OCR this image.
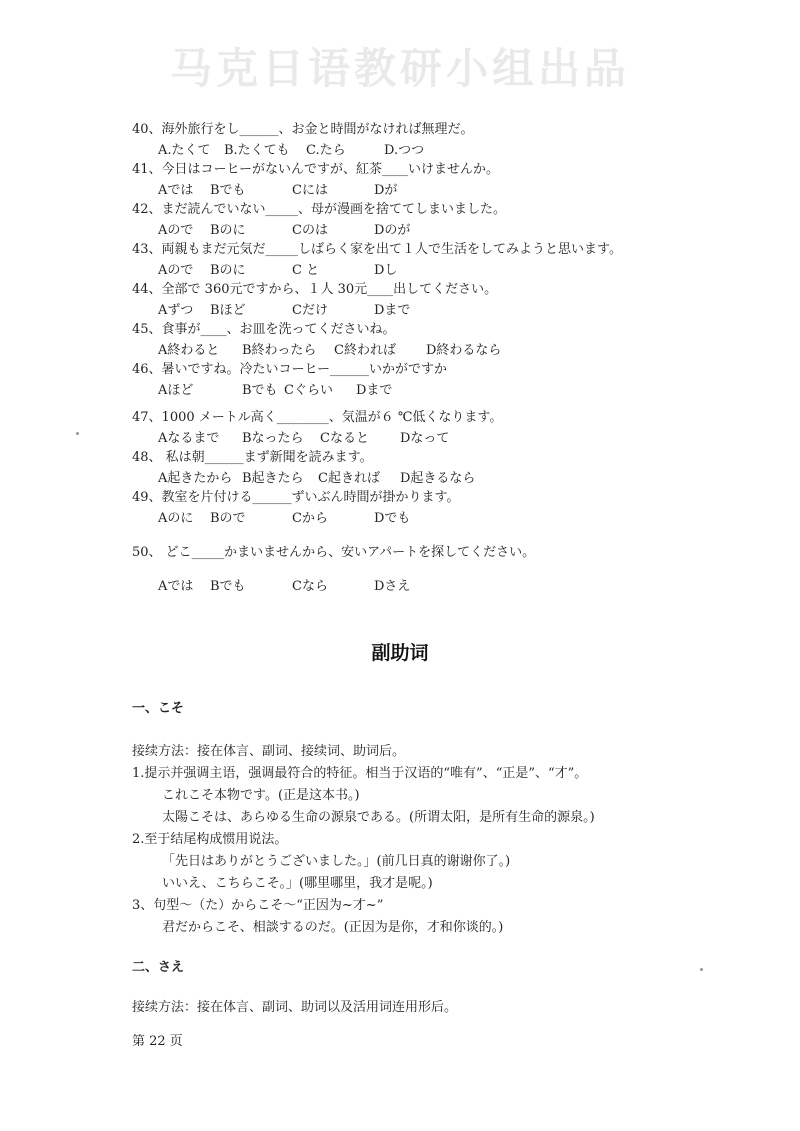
马克日语教研小组出品
40、海外旅行をし______、お金と時間がなければ無理だ。
A.たくて B.たくても C.たら	D.つつ
41、今日はコーヒーがないんですが、紅茶____いけませんか。
Aでは Bでも	Cには	Dが
42、まだ読んでいない_____、母が漫画を捨ててしまいました。
Aので Bのに	Cのは	Dのが
43、両親もまだ元気だ_____しばらく家を出て１人で生活をしてみようと思います。
Aので Bのに	C と	Dし
44、全部で 360元ですから、１人 30元____出してください。
Aずつ Bほど	Cだけ	Dまで
45、食事が____、お皿を洗ってくださいね。
A終わると B終わったら C終われば D終わるなら
46、暑いですね。冷たいコーヒー______いかがですか
Aほど	Bでも Cぐらい Dまで
47、1000 メートル高く________、気温が６ ℃低くなります。
Aなるまで Bなったら Cなると Dなって
48、 私は朝______まず新聞を読みます。
A起きたから B起きたら C起きれば D起きるなら
49、教室を片付ける______ずいぶん時間が掛かります。
Aのに Bので	Cから	Dでも
50、 どこ_____かまいませんから、安いアパートを探してください。
Aでは Bでも	Cなら	Dさえ
副助词
一、こそ
接续方法：接在体言、副词、接续词、助词后。
1.提示并强调主语，强调最符合的特征。相当于汉语的“唯有”、“正是”、“才”。
これこそ本物です。(正是这本书。)
太陽こそは、あらゆる生命の源泉である。(所谓太阳，是所有生命的源泉。)
2.至于结尾构成惯用说法。
「先日はありがとうございました。」(前几日真的谢谢你了。)
いいえ、こちらこそ。」(哪里哪里，我才是呢。)
3、句型～（た）からこそ～“正因为~才~”
君だからこそ、相談するのだ。(正因为是你，才和你谈的。)
二、さえ
接续方法：接在体言、副词、助词以及活用词连用形后。
第 22 页
